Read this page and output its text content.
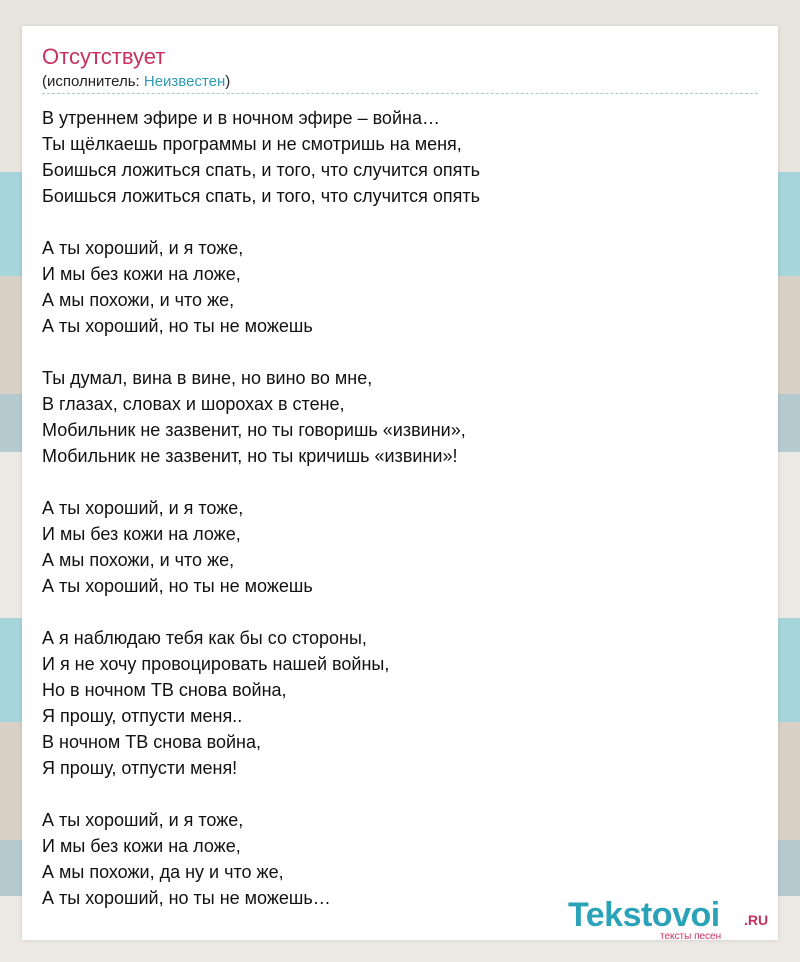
Отсутствует
(исполнитель: Неизвестен)
В утреннем эфире и в ночном эфире – война…
Ты щёлкаешь программы и не смотришь на меня,
Боишься ложиться спать, и того, что случится опять
Боишься ложиться спать, и того, что случится опять
А ты хороший, и я тоже,
И мы без кожи на ложе,
А мы похожи, и что же,
А ты хороший, но ты не можешь
Ты думал, вина в вине, но вино во мне,
В глазах, словах и шорохах в стене,
Мобильник не зазвенит, но ты говоришь «извини»,
Мобильник не зазвенит, но ты кричишь «извини»!
А ты хороший, и я тоже,
И мы без кожи на ложе,
А мы похожи, и что же,
А ты хороший, но ты не можешь
А я наблюдаю тебя как бы со стороны,
И я не хочу провоцировать нашей войны,
Но в ночном ТВ снова война,
Я прошу, отпусти меня..
В ночном ТВ снова война,
Я прошу, отпусти меня!
А ты хороший, и я тоже,
И мы без кожи на ложе,
А мы похожи, да ну и что же,
А ты хороший, но ты не можешь…	Tekstovoi .RU
тексты песен
